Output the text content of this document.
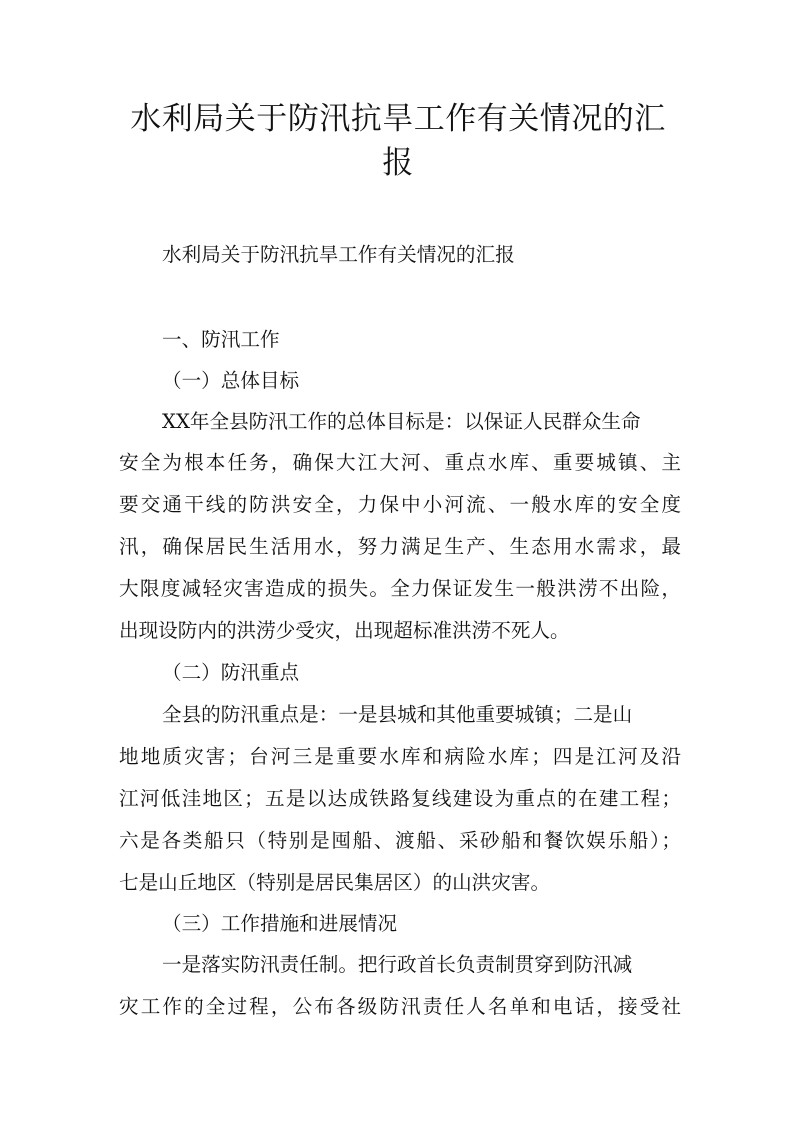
水利局关于防汛抗旱工作有关情况的汇报

水利局关于防汛抗旱工作有关情况的汇报

一、防汛工作

（一）总体目标

XX年全县防汛工作的总体目标是：以保证人民群众生命

安全为根本任务，确保大江大河、重点水库、重要城镇、主

要交通干线的防洪安全，力保中小河流、一般水库的安全度

汛，确保居民生活用水，努力满足生产、生态用水需求，最

大限度减轻灾害造成的损失。全力保证发生一般洪涝不出险，

出现设防内的洪涝少受灾，出现超标准洪涝不死人。

（二）防汛重点

全县的防汛重点是：一是县城和其他重要城镇；二是山

地地质灾害；台河三是重要水库和病险水库；四是江河及沿

江河低洼地区；五是以达成铁路复线建设为重点的在建工程；

六是各类船只（特别是囤船、渡船、采砂船和餐饮娱乐船）；

七是山丘地区（特别是居民集居区）的山洪灾害。

（三）工作措施和进展情况

一是落实防汛责任制。把行政首长负责制贯穿到防汛减

灾工作的全过程，公布各级防汛责任人名单和电话，接受社
